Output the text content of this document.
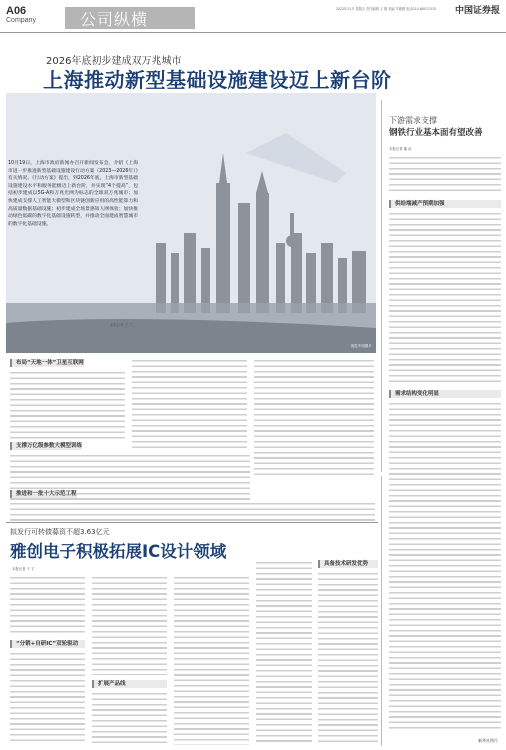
A06
Company	公司纵横
2022年12月 星期五 责任编辑 王 刚 美编 毕媛媛 电话010-68071515 中国证券报
2026年底初步建成双万兆城市
上海推动新型基础设施建设迈上新台阶
视觉中国图片
10月19日，上海市政府新闻办召开新闻发布会，介绍《上海市进一步推进新型基础设施建设行动方案（2023—2026年）》有关情况。《行动方案》提出，到2026年底，上海市新型基础设施建设水平和服务能级迈上新台阶，并实现“4个提高”，包括初步建成以5G-A和万兆光网为标志的全球双万兆城市；加快建成支撑人工智能大模型和区块链创新应用的高性能算力和高质量数据基础设施；初步建成全场景感知人网体验；加快推动绿色低碳的数字化基础设施转型，并推动全面建成智慧城市的数字化基础设施。
本报记者 王 兰
布局“天地一体”卫星互联网
支撑万亿级参数大模型训练
推进和一批十大示范工程
下游需求支撑
钢铁行业基本面有望改善
本报记者 董 添
供给端减产预期加强
需求结构变化明显
拟发行可转债募资不超3.63亿元
雅创电子积极拓展IC设计领域
本报记者 于 宇
“分销+自研IC”双轮驱动
扩展产品线
具备技术研发优势
新华社图片
